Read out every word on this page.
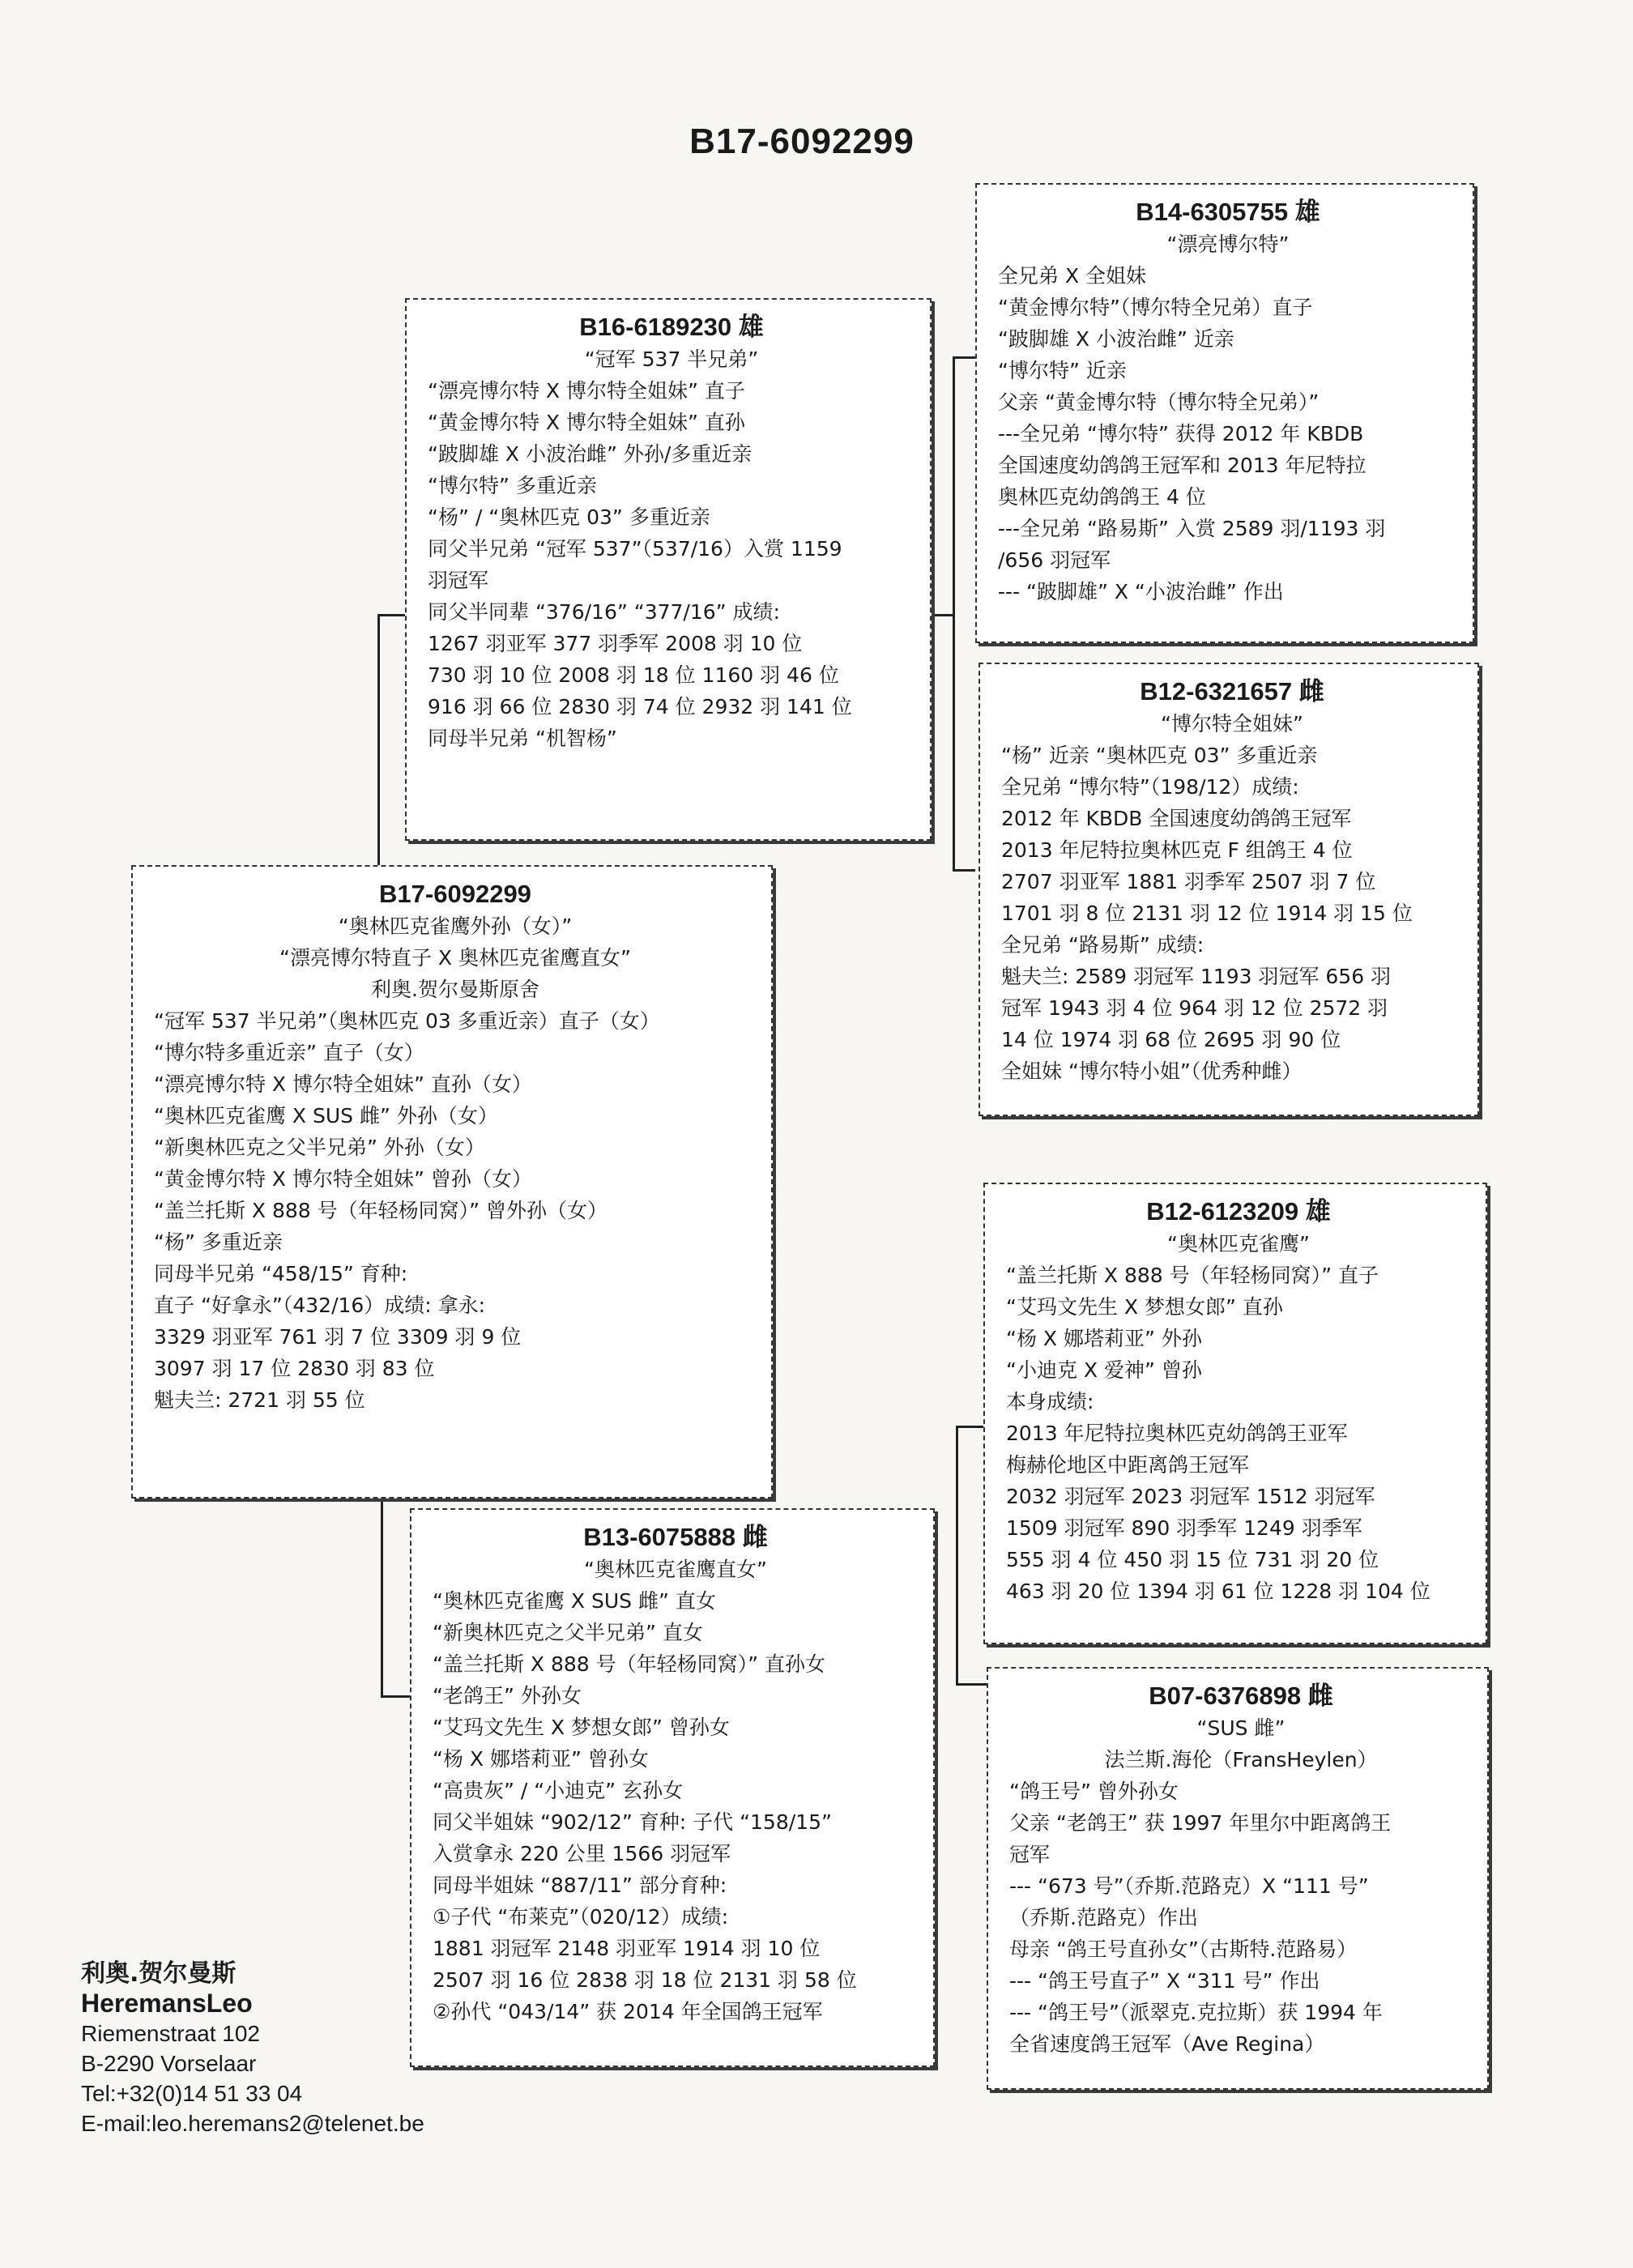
B17-6092299
B16-6189230 雄
“冠军 537 半兄弟”
“漂亮博尔特 X 博尔特全姐妹” 直子
“黄金博尔特 X 博尔特全姐妹” 直孙
“跛脚雄 X 小波治雌” 外孙/多重近亲
“博尔特” 多重近亲
“杨” / “奥林匹克 03” 多重近亲
同父半兄弟 “冠军 537”（537/16）入赏 1159
羽冠军
同父半同辈 “376/16” “377/16” 成绩:
1267 羽亚军 377 羽季军 2008 羽 10 位
730 羽 10 位 2008 羽 18 位 1160 羽 46 位
916 羽 66 位 2830 羽 74 位 2932 羽 141 位
同母半兄弟 “机智杨”
B17-6092299
“奥林匹克雀鹰外孙（女）”
“漂亮博尔特直子 X 奥林匹克雀鹰直女”
利奥.贺尔曼斯原舍
“冠军 537 半兄弟”（奥林匹克 03 多重近亲）直子（女）
“博尔特多重近亲” 直子（女）
“漂亮博尔特 X 博尔特全姐妹” 直孙（女）
“奥林匹克雀鹰 X SUS 雌” 外孙（女）
“新奥林匹克之父半兄弟” 外孙（女）
“黄金博尔特 X 博尔特全姐妹” 曾孙（女）
“盖兰托斯 X 888 号（年轻杨同窝）” 曾外孙（女）
“杨” 多重近亲
同母半兄弟 “458/15” 育种:
直子 “好拿永”（432/16）成绩: 拿永:
3329 羽亚军 761 羽 7 位 3309 羽 9 位
3097 羽 17 位 2830 羽 83 位
魁夫兰: 2721 羽 55 位
B13-6075888 雌
“奥林匹克雀鹰直女”
“奥林匹克雀鹰 X SUS 雌” 直女
“新奥林匹克之父半兄弟” 直女
“盖兰托斯 X 888 号（年轻杨同窝）” 直孙女
“老鸽王” 外孙女
“艾玛文先生 X 梦想女郎” 曾孙女
“杨 X 娜塔莉亚” 曾孙女
“高贵灰” / “小迪克” 玄孙女
同父半姐妹 “902/12” 育种: 子代 “158/15”
入赏拿永 220 公里 1566 羽冠军
同母半姐妹 “887/11” 部分育种:
①子代 “布莱克”（020/12）成绩:
1881 羽冠军 2148 羽亚军 1914 羽 10 位
2507 羽 16 位 2838 羽 18 位 2131 羽 58 位
②孙代 “043/14” 获 2014 年全国鸽王冠军
B14-6305755 雄
“漂亮博尔特”
全兄弟 X 全姐妹
“黄金博尔特”（博尔特全兄弟）直子
“跛脚雄 X 小波治雌” 近亲
“博尔特” 近亲
父亲 “黄金博尔特（博尔特全兄弟）”
---全兄弟 “博尔特” 获得 2012 年 KBDB
全国速度幼鸽鸽王冠军和 2013 年尼特拉
奥林匹克幼鸽鸽王 4 位
---全兄弟 “路易斯” 入赏 2589 羽/1193 羽
/656 羽冠军
--- “跛脚雄” X “小波治雌” 作出
B12-6321657 雌
“博尔特全姐妹”
“杨” 近亲 “奥林匹克 03” 多重近亲
全兄弟 “博尔特”（198/12）成绩:
2012 年 KBDB 全国速度幼鸽鸽王冠军
2013 年尼特拉奥林匹克 F 组鸽王 4 位
2707 羽亚军 1881 羽季军 2507 羽 7 位
1701 羽 8 位 2131 羽 12 位 1914 羽 15 位
全兄弟 “路易斯” 成绩:
魁夫兰: 2589 羽冠军 1193 羽冠军 656 羽
冠军 1943 羽 4 位 964 羽 12 位 2572 羽
14 位 1974 羽 68 位 2695 羽 90 位
全姐妹 “博尔特小姐”（优秀种雌）
B12-6123209 雄
“奥林匹克雀鹰”
“盖兰托斯 X 888 号（年轻杨同窝）” 直子
“艾玛文先生 X 梦想女郎” 直孙
“杨 X 娜塔莉亚” 外孙
“小迪克 X 爱神” 曾孙
本身成绩:
2013 年尼特拉奥林匹克幼鸽鸽王亚军
梅赫伦地区中距离鸽王冠军
2032 羽冠军 2023 羽冠军 1512 羽冠军
1509 羽冠军 890 羽季军 1249 羽季军
555 羽 4 位 450 羽 15 位 731 羽 20 位
463 羽 20 位 1394 羽 61 位 1228 羽 104 位
B07-6376898 雌
“SUS 雌”
法兰斯.海伦（FransHeylen）
“鸽王号” 曾外孙女
父亲 “老鸽王” 获 1997 年里尔中距离鸽王
冠军
--- “673 号”（乔斯.范路克）X “111 号”
（乔斯.范路克）作出
母亲 “鸽王号直孙女”（古斯特.范路易）
--- “鸽王号直子” X “311 号” 作出
--- “鸽王号”（派翠克.克拉斯）获 1994 年
全省速度鸽王冠军（Ave Regina）
利奥.贺尔曼斯
HeremansLeo
Riemenstraat 102
B-2290 Vorselaar
Tel:+32(0)14 51 33 04
E-mail:leo.heremans2@telenet.be
